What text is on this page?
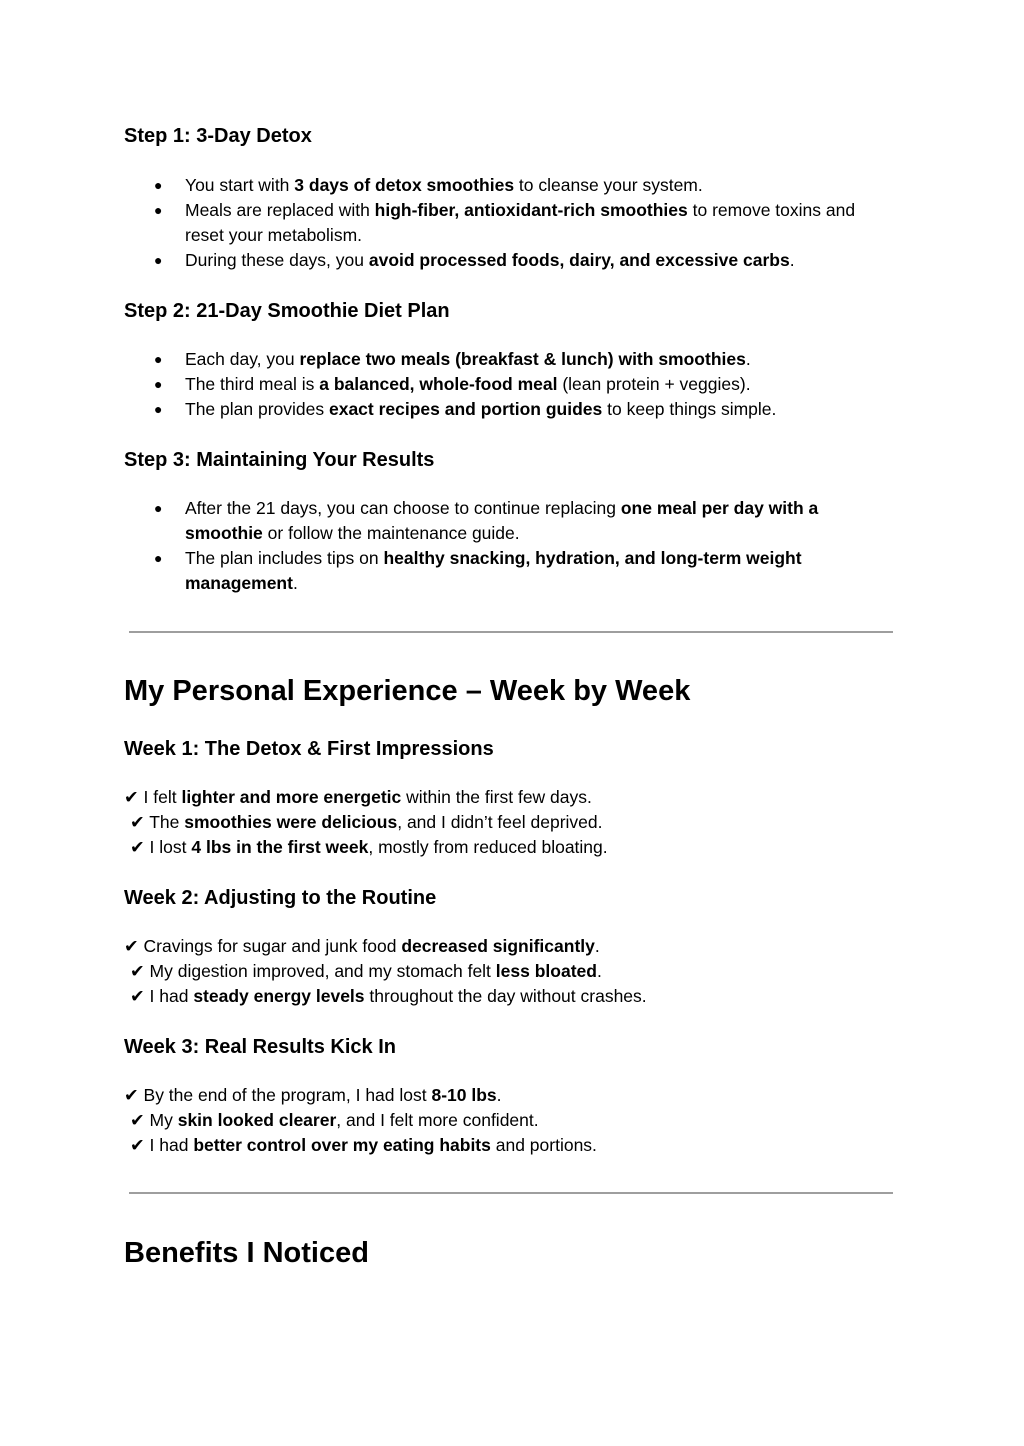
Step 1: 3-Day Detox
● You start with 3 days of detox smoothies to cleanse your system.
● Meals are replaced with high-fiber, antioxidant-rich smoothies to remove toxins and reset your metabolism.
● During these days, you avoid processed foods, dairy, and excessive carbs.
Step 2: 21-Day Smoothie Diet Plan
● Each day, you replace two meals (breakfast & lunch) with smoothies.
● The third meal is a balanced, whole-food meal (lean protein + veggies).
● The plan provides exact recipes and portion guides to keep things simple.
Step 3: Maintaining Your Results
● After the 21 days, you can choose to continue replacing one meal per day with a smoothie or follow the maintenance guide.
● The plan includes tips on healthy snacking, hydration, and long-term weight management.
My Personal Experience – Week by Week
Week 1: The Detox & First Impressions
✔ I felt lighter and more energetic within the first few days.
✔ The smoothies were delicious, and I didn’t feel deprived.
✔ I lost 4 lbs in the first week, mostly from reduced bloating.
Week 2: Adjusting to the Routine
✔ Cravings for sugar and junk food decreased significantly.
✔ My digestion improved, and my stomach felt less bloated.
✔ I had steady energy levels throughout the day without crashes.
Week 3: Real Results Kick In
✔ By the end of the program, I had lost 8-10 lbs.
✔ My skin looked clearer, and I felt more confident.
✔ I had better control over my eating habits and portions.
Benefits I Noticed
